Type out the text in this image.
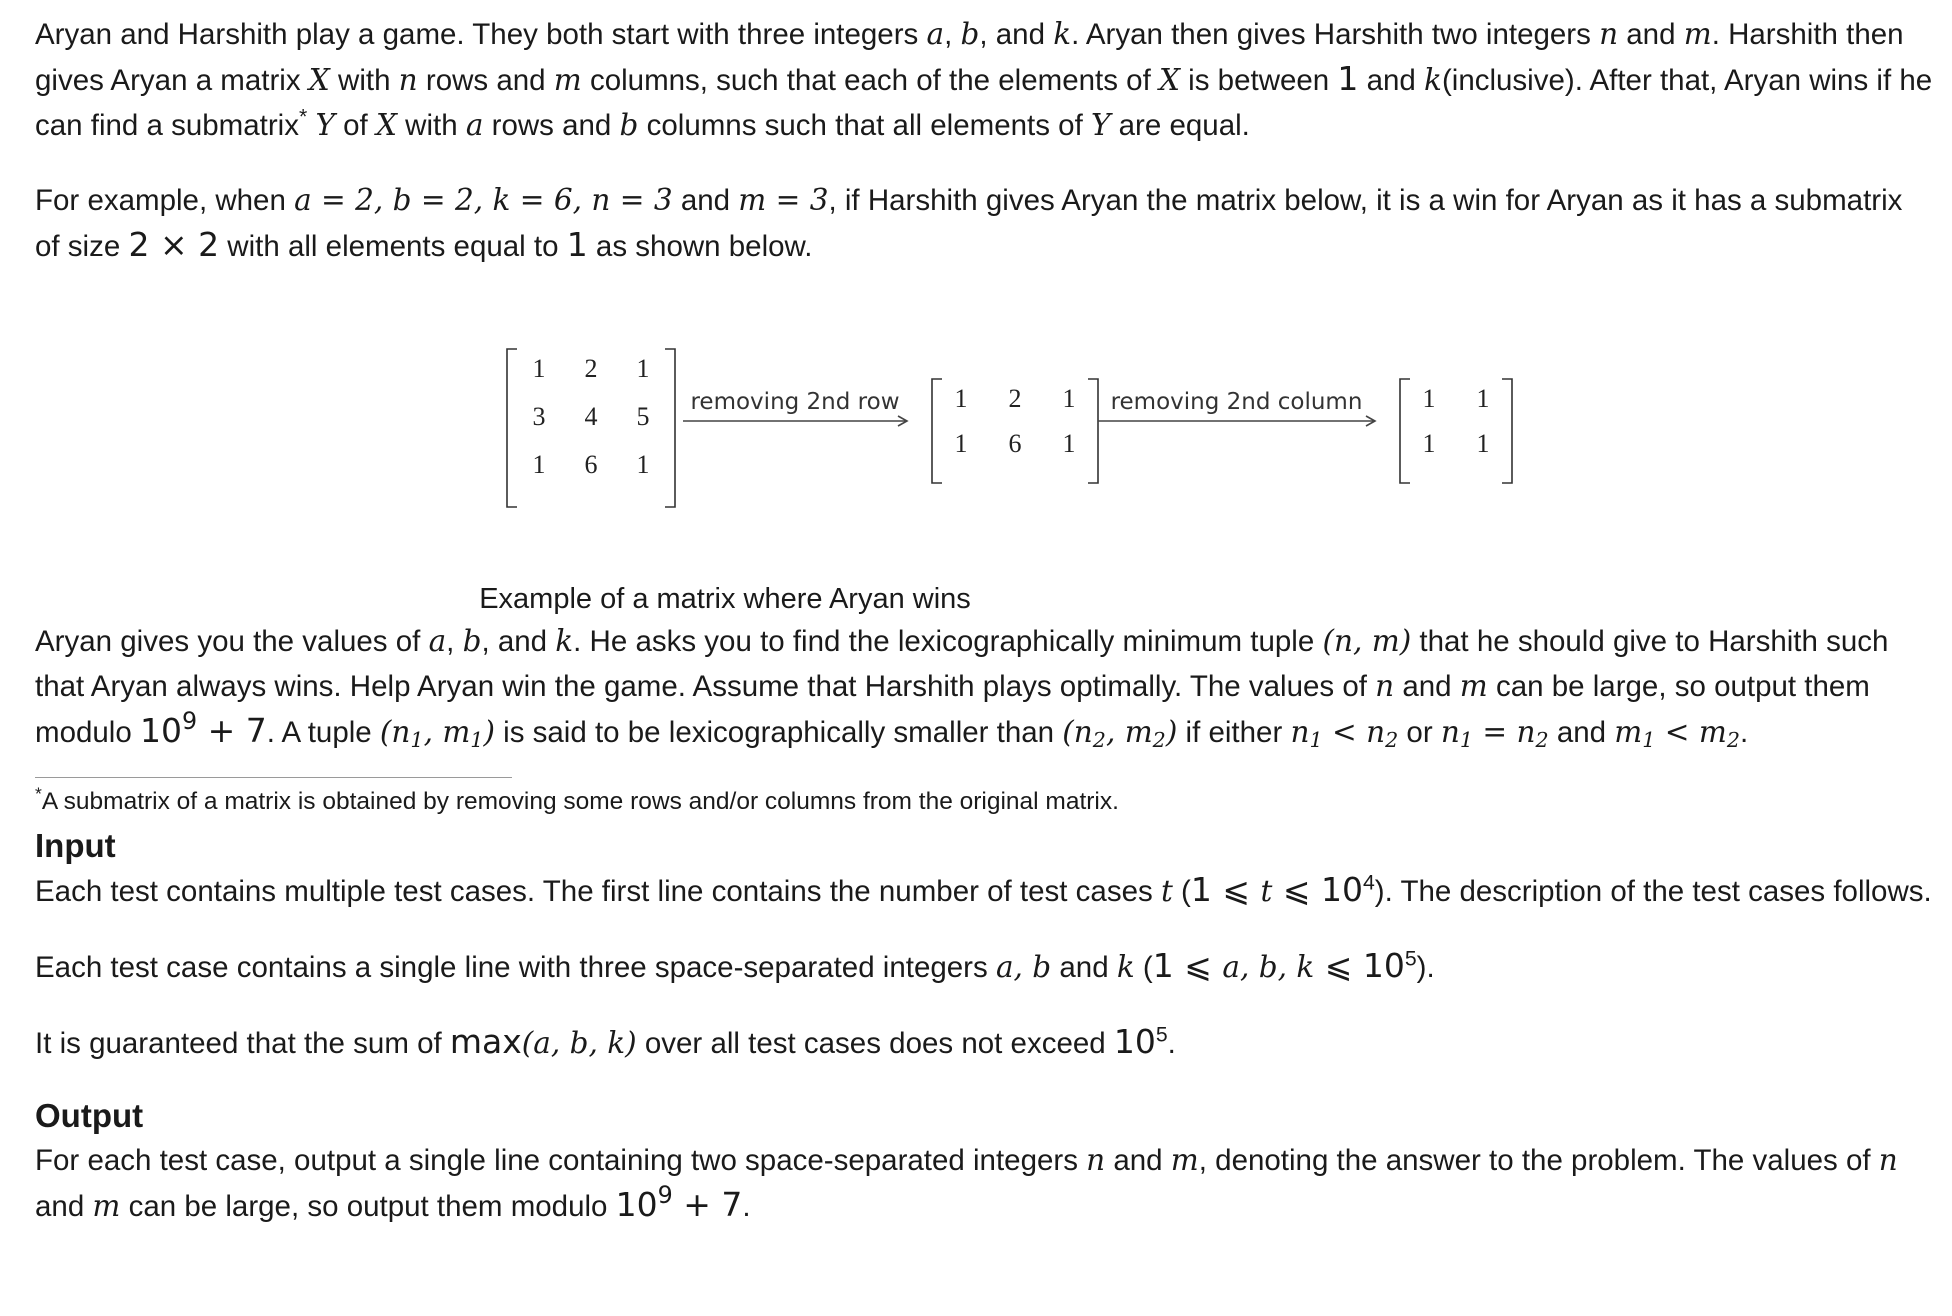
Aryan and Harshith play a game. They both start with three integers a, b, and k. Aryan then gives Harshith two integers n and m. Harshith then gives Aryan a matrix X with n rows and m columns, such that each of the elements of X is between 1 and k(inclusive). After that, Aryan wins if he can find a submatrix* Y of X with a rows and b columns such that all elements of Y are equal.

For example, when a = 2, b = 2, k = 6, n = 3 and m = 3, if Harshith gives Aryan the matrix below, it is a win for Aryan as it has a submatrix of size 2 × 2 with all elements equal to 1 as shown below.

1 2 1
3 4 5
1 6 1
removing 2nd row 1 2 1
1 6 1
removing 2nd column 1 1
1 1
Example of a matrix where Aryan wins

Aryan gives you the values of a, b, and k. He asks you to find the lexicographically minimum tuple (n, m) that he should give to Harshith such that Aryan always wins. Help Aryan win the game. Assume that Harshith plays optimally. The values of n and m can be large, so output them modulo $10^9 + 7$. A tuple ($n_1$, $m_1$) is said to be lexicographically smaller than ($n_2$, $m_2$) if either $n_1 < n_2$ or $n_1 = n_2$ and $m_1 < m_2$.

*A submatrix of a matrix is obtained by removing some rows and/or columns from the original matrix.
Input

Each test contains multiple test cases. The first line contains the number of test cases t (1 ⩽ t ⩽ $10^4$). The description of the test cases follows.

Each test case contains a single line with three space-separated integers a, b and k (1 ⩽ a, b, k ⩽ $10^5$).

It is guaranteed that the sum of max(a, b, k) over all test cases does not exceed $10^5$.

Output

For each test case, output a single line containing two space-separated integers n and m, denoting the answer to the problem. The values of n and m can be large, so output them modulo $10^9 + 7$.
